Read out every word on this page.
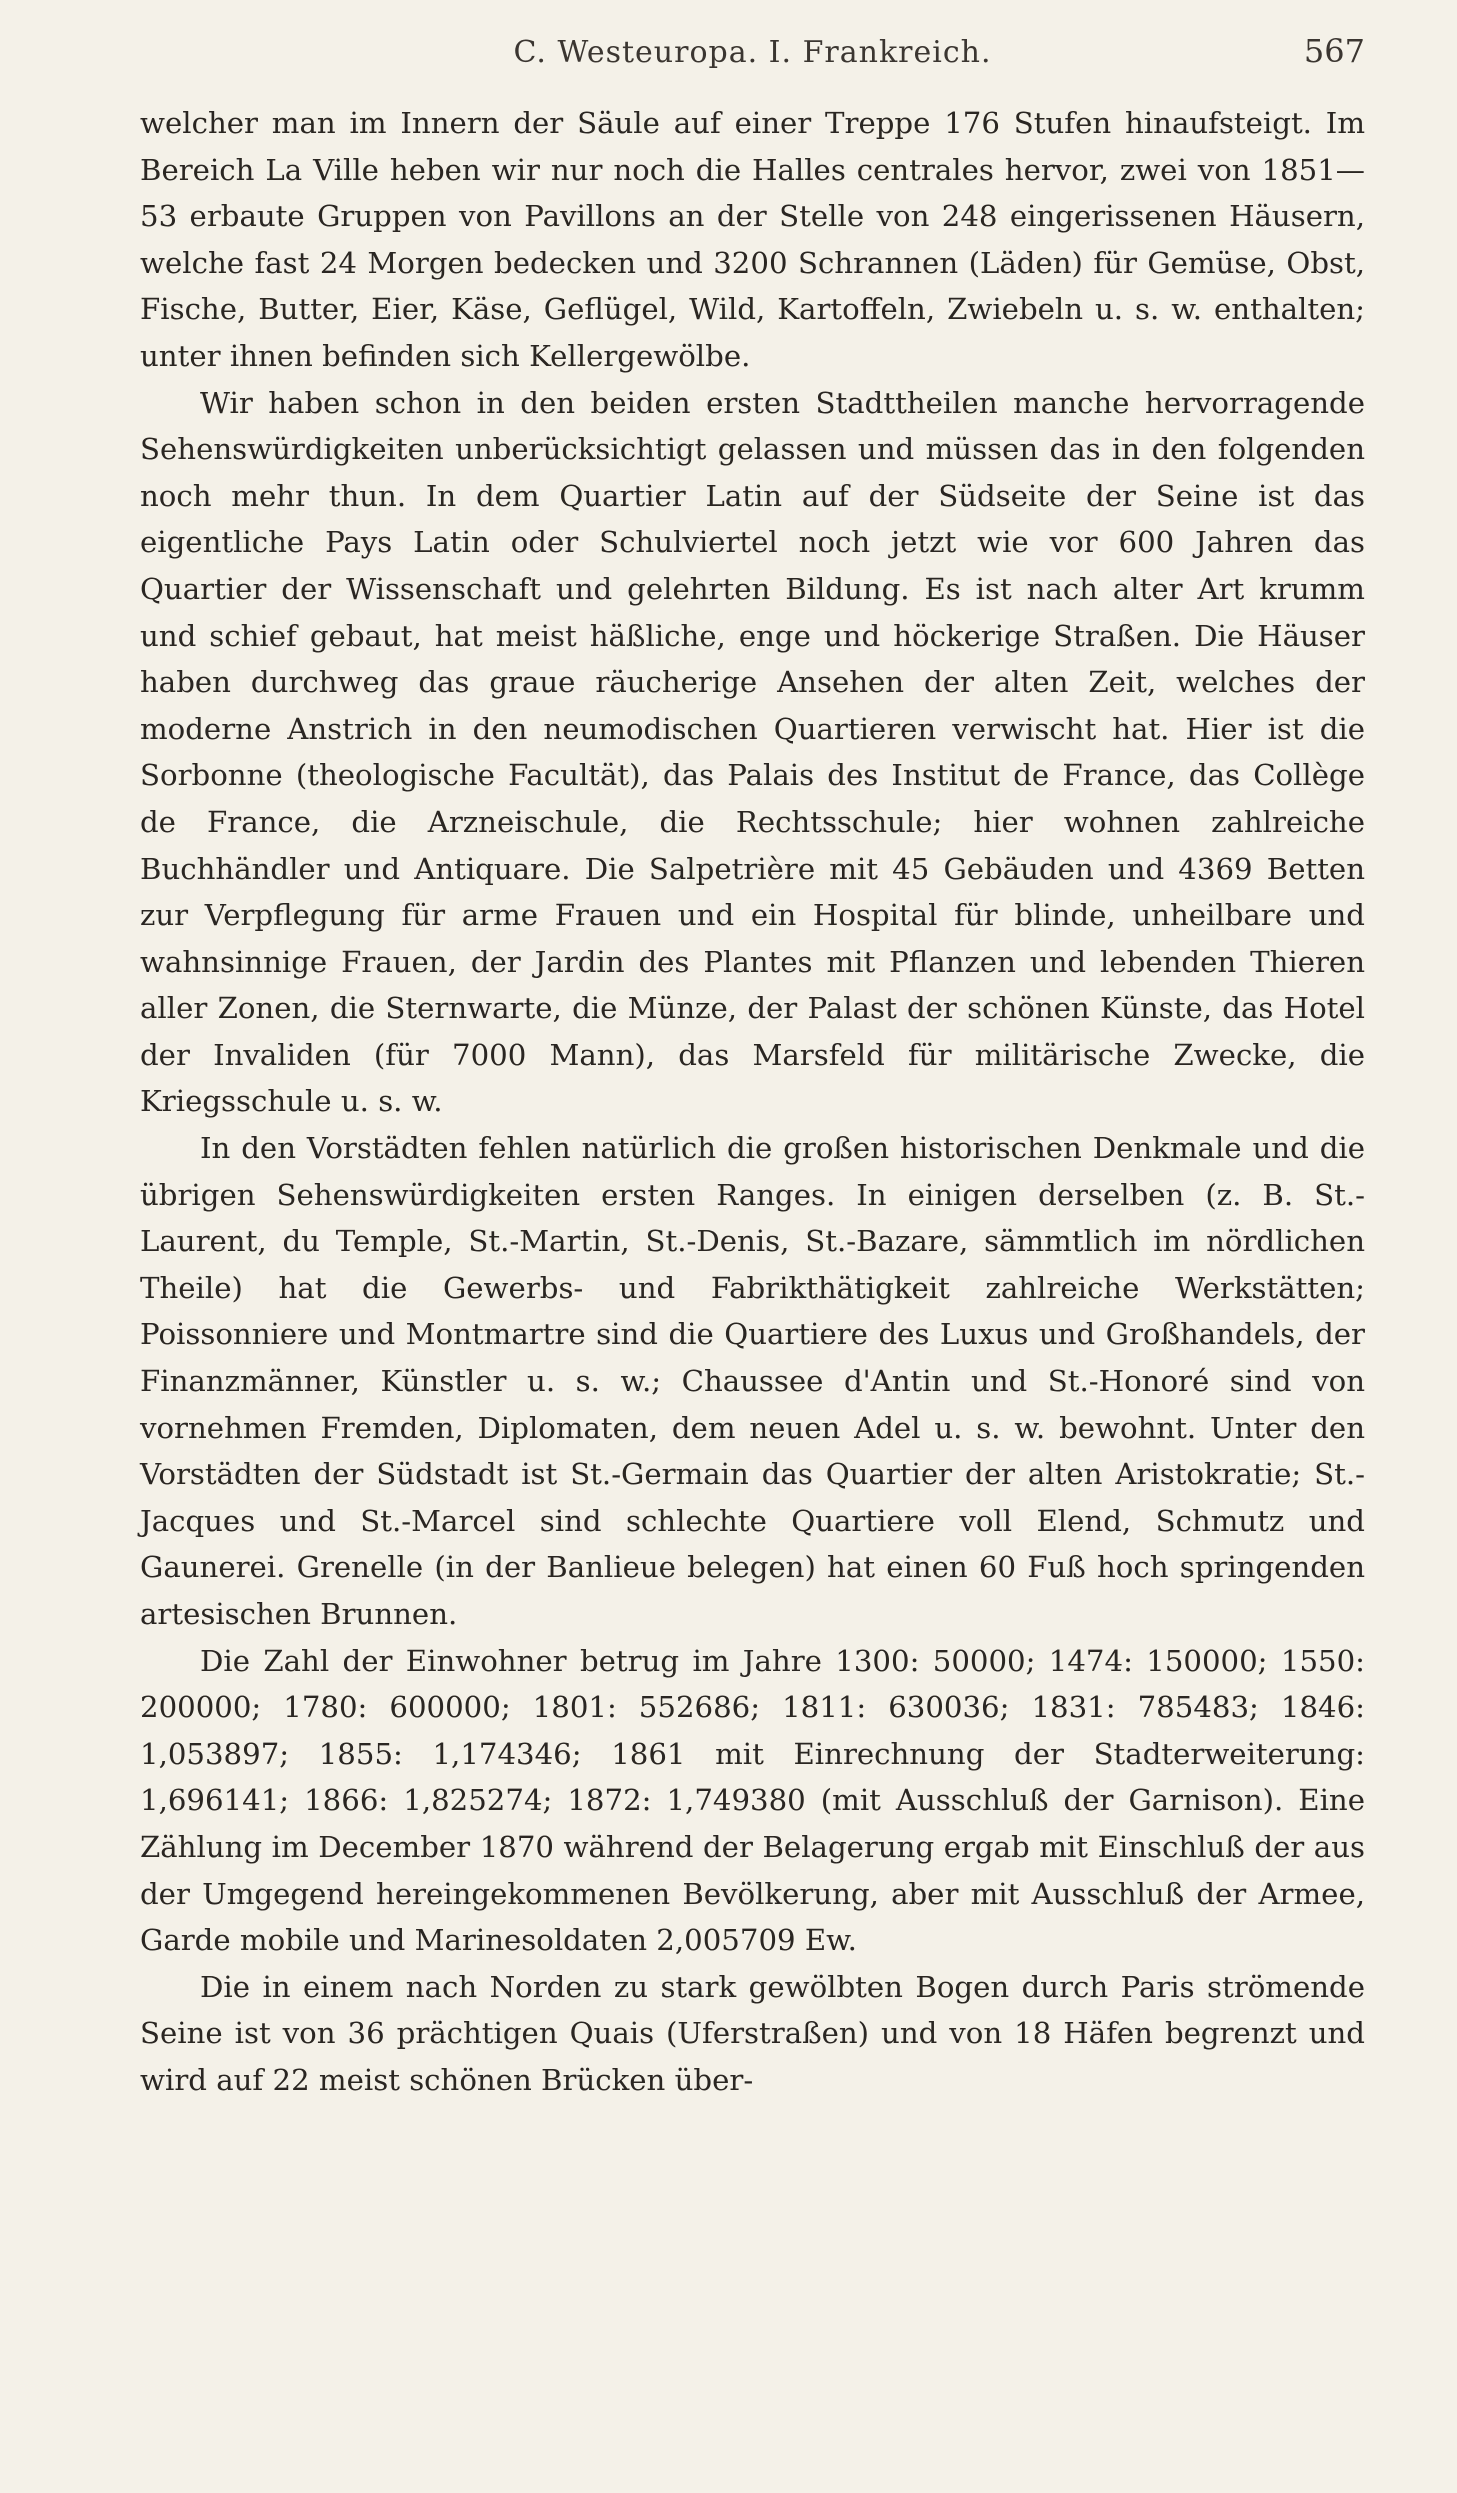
C. Westeuropa. I. Frankreich.	567

welcher man im Innern der Säule auf einer Treppe 176 Stufen hinaufsteigt. Im Bereich La Ville heben wir nur noch die Halles centrales hervor, zwei von 1851—53 erbaute Gruppen von Pavillons an der Stelle von 248 eingerissenen Häusern, welche fast 24 Morgen bedecken und 3200 Schrannen (Läden) für Gemüse, Obst, Fische, Butter, Eier, Käse, Geflügel, Wild, Kartoffeln, Zwiebeln u. s. w. enthalten; unter ihnen befinden sich Kellergewölbe.

Wir haben schon in den beiden ersten Stadttheilen manche hervorragende Sehenswürdigkeiten unberücksichtigt gelassen und müssen das in den folgenden noch mehr thun. In dem Quartier Latin auf der Südseite der Seine ist das eigentliche Pays Latin oder Schulviertel noch jetzt wie vor 600 Jahren das Quartier der Wissenschaft und gelehrten Bildung. Es ist nach alter Art krumm und schief gebaut, hat meist häßliche, enge und höckerige Straßen. Die Häuser haben durchweg das graue räucherige Ansehen der alten Zeit, welches der moderne Anstrich in den neumodischen Quartieren verwischt hat. Hier ist die Sorbonne (theologische Facultät), das Palais des Institut de France, das Collège de France, die Arzneischule, die Rechtsschule; hier wohnen zahlreiche Buchhändler und Antiquare. Die Salpetrière mit 45 Gebäuden und 4369 Betten zur Verpflegung für arme Frauen und ein Hospital für blinde, unheilbare und wahnsinnige Frauen, der Jardin des Plantes mit Pflanzen und lebenden Thieren aller Zonen, die Sternwarte, die Münze, der Palast der schönen Künste, das Hotel der Invaliden (für 7000 Mann), das Marsfeld für militärische Zwecke, die Kriegsschule u. s. w.

In den Vorstädten fehlen natürlich die großen historischen Denkmale und die übrigen Sehenswürdigkeiten ersten Ranges. In einigen derselben (z. B. St.-Laurent, du Temple, St.-Martin, St.-Denis, St.-Bazare, sämmtlich im nördlichen Theile) hat die Gewerbs- und Fabrikthätigkeit zahlreiche Werkstätten; Poissonniere und Montmartre sind die Quartiere des Luxus und Großhandels, der Finanzmänner, Künstler u. s. w.; Chaussee d'Antin und St.-Honoré sind von vornehmen Fremden, Diplomaten, dem neuen Adel u. s. w. bewohnt. Unter den Vorstädten der Südstadt ist St.-Germain das Quartier der alten Aristokratie; St.-Jacques und St.-Marcel sind schlechte Quartiere voll Elend, Schmutz und Gaunerei. Grenelle (in der Banlieue belegen) hat einen 60 Fuß hoch springenden artesischen Brunnen.

Die Zahl der Einwohner betrug im Jahre 1300: 50000; 1474: 150000; 1550: 200000; 1780: 600000; 1801: 552686; 1811: 630036; 1831: 785483; 1846: 1,053897; 1855: 1,174346; 1861 mit Einrechnung der Stadterweiterung: 1,696141; 1866: 1,825274; 1872: 1,749380 (mit Ausschluß der Garnison). Eine Zählung im December 1870 während der Belagerung ergab mit Einschluß der aus der Umgegend hereingekommenen Bevölkerung, aber mit Ausschluß der Armee, Garde mobile und Marinesoldaten 2,005709 Ew.

Die in einem nach Norden zu stark gewölbten Bogen durch Paris strömende Seine ist von 36 prächtigen Quais (Uferstraßen) und von 18 Häfen begrenzt und wird auf 22 meist schönen Brücken über-
